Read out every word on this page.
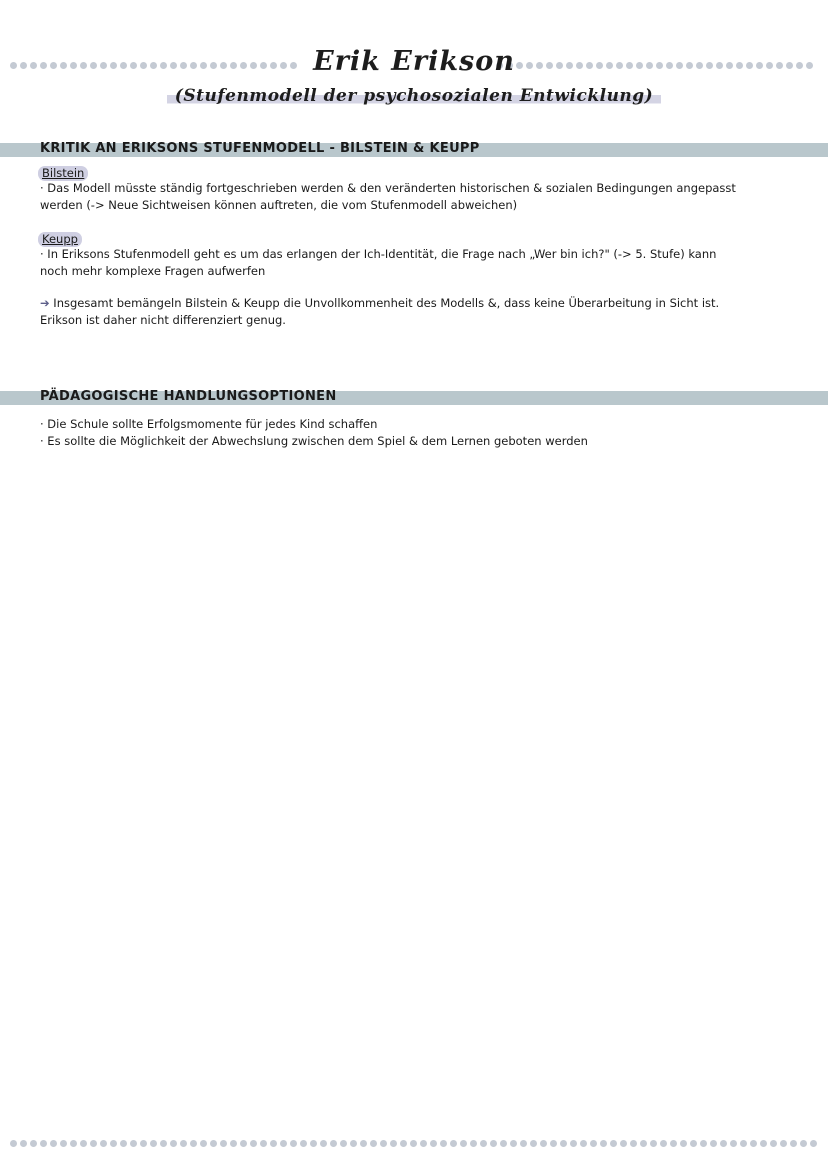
Erik Erikson
(Stufenmodell der psychosozialen Entwicklung)
KRITIK AN ERIKSONS STUFENMODELL - BILSTEIN & KEUPP
Bilstein
· Das Modell müsste ständig fortgeschrieben werden & den veränderten historischen & sozialen Bedingungen angepasst
werden (-> Neue Sichtweisen können auftreten, die vom Stufenmodell abweichen)
Keupp
· In Eriksons Stufenmodell geht es um das erlangen der Ich-Identität, die Frage nach „Wer bin ich?" (-> 5. Stufe) kann
noch mehr komplexe Fragen aufwerfen
➔ Insgesamt bemängeln Bilstein & Keupp die Unvollkommenheit des Modells &, dass keine Überarbeitung in Sicht ist.
Erikson ist daher nicht differenziert genug.
PÄDAGOGISCHE HANDLUNGSOPTIONEN
· Die Schule sollte Erfolgsmomente für jedes Kind schaffen
· Es sollte die Möglichkeit der Abwechslung zwischen dem Spiel & dem Lernen geboten werden
